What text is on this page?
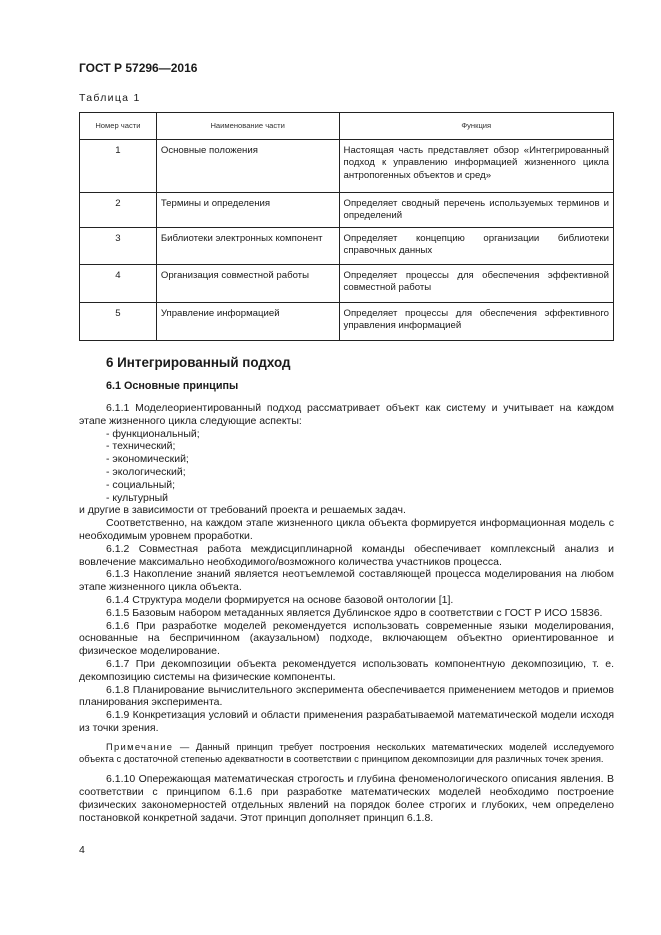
ГОСТ Р 57296—2016
Таблица 1
Номер части	Наименование части	Функция
1	Основные положения	Настоящая часть представляет обзор «Интегрированный подход к управлению информацией жизненного цикла антропогенных объектов и сред»
2	Термины и определения	Определяет сводный перечень используемых терминов и определений
3	Библиотеки электронных компонент	Определяет концепцию организации библиотеки справочных данных
4	Организация совместной работы	Определяет процессы для обеспечения эффективной совместной работы
5	Управление информацией	Определяет процессы для обеспечения эффективного управления информацией
6 Интегрированный подход
6.1 Основные принципы

6.1.1 Моделеориентированный подход рассматривает объект как систему и учитывает на каждом этапе жизненного цикла следующие аспекты:

- функциональный;

- технический;

- экономический;

- экологический;

- социальный;

- культурный

и другие в зависимости от требований проекта и решаемых задач.

Соответственно, на каждом этапе жизненного цикла объекта формируется информационная модель с необходимым уровнем проработки.

6.1.2 Совместная работа междисциплинарной команды обеспечивает комплексный анализ и вовлечение максимально необходимого/возможного количества участников процесса.

6.1.3 Накопление знаний является неотъемлемой составляющей процесса моделирования на любом этапе жизненного цикла объекта.

6.1.4 Структура модели формируется на основе базовой онтологии [1].

6.1.5 Базовым набором метаданных является Дублинское ядро в соответствии с ГОСТ Р ИСО 15836.

6.1.6 При разработке моделей рекомендуется использовать современные языки моделирования, основанные на беспричинном (акаузальном) подходе, включающем объектно ориентированное и физическое моделирование.

6.1.7 При декомпозиции объекта рекомендуется использовать компонентную декомпозицию, т. е. декомпозицию системы на физические компоненты.

6.1.8 Планирование вычислительного эксперимента обеспечивается применением методов и приемов планирования эксперимента.

6.1.9 Конкретизация условий и области применения разрабатываемой математической модели исходя из точки зрения.

Примечание — Данный принцип требует построения нескольких математических моделей исследуемого объекта с достаточной степенью адекватности в соответствии с принципом декомпозиции для различных точек зрения.

6.1.10 Опережающая математическая строгость и глубина феноменологического описания явления. В соответствии с принципом 6.1.6 при разработке математических моделей необходимо построение физических закономерностей отдельных явлений на порядок более строгих и глубоких, чем определено постановкой конкретной задачи. Этот принцип дополняет принцип 6.1.8.

4
